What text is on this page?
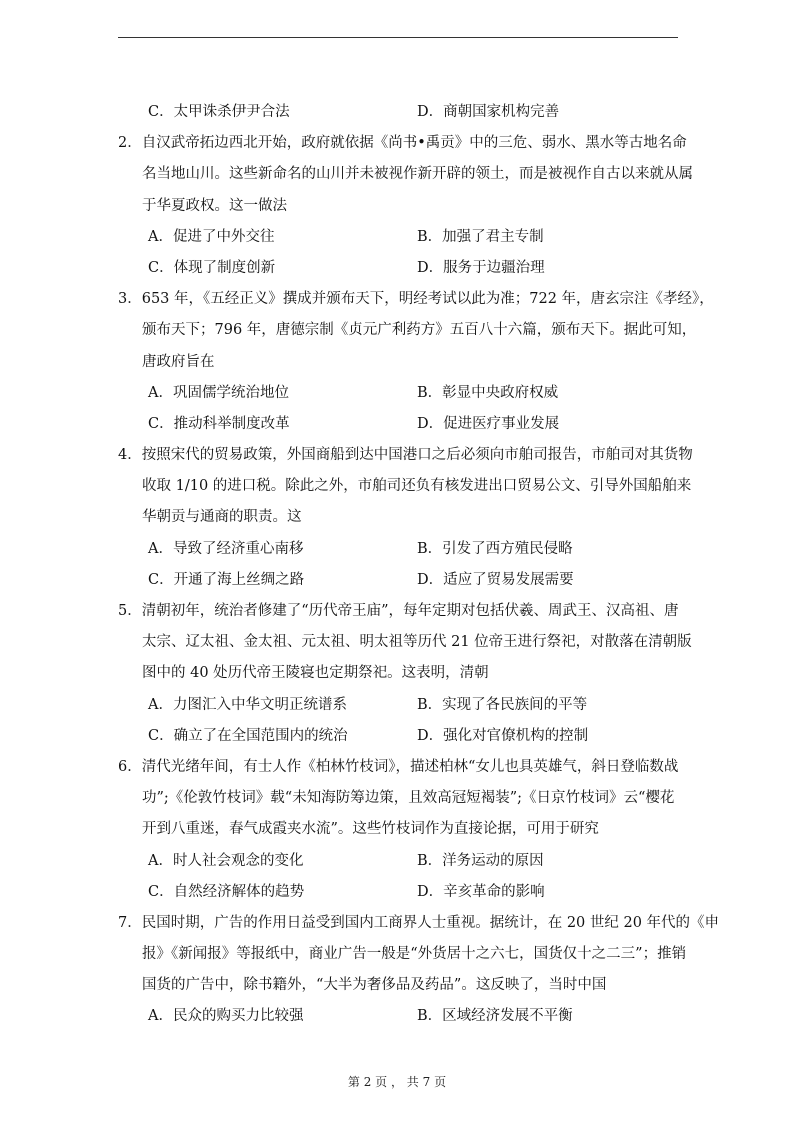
C．太甲诛杀伊尹合法	D．商朝国家机构完善
2．自汉武帝拓边西北开始，政府就依据《尚书•禹贡》中的三危、弱水、黑水等古地名命
名当地山川。这些新命名的山川并未被视作新开辟的领土，而是被视作自古以来就从属
于华夏政权。这一做法
A．促进了中外交往	B．加强了君主专制
C．体现了制度创新	D．服务于边疆治理
3．653 年，《五经正义》撰成并颁布天下，明经考试以此为准；722 年，唐玄宗注《孝经》，
颁布天下；796 年，唐德宗制《贞元广利药方》五百八十六篇，颁布天下。据此可知，
唐政府旨在
A．巩固儒学统治地位	B．彰显中央政府权威
C．推动科举制度改革	D．促进医疗事业发展
4．按照宋代的贸易政策，外国商船到达中国港口之后必须向市舶司报告，市舶司对其货物
收取 1/10 的进口税。除此之外，市舶司还负有核发进出口贸易公文、引导外国船舶来
华朝贡与通商的职责。这
A．导致了经济重心南移	B．引发了西方殖民侵略
C．开通了海上丝绸之路	D．适应了贸易发展需要
5．清朝初年，统治者修建了“历代帝王庙”，每年定期对包括伏羲、周武王、汉高祖、唐
太宗、辽太祖、金太祖、元太祖、明太祖等历代 21 位帝王进行祭祀，对散落在清朝版
图中的 40 处历代帝王陵寝也定期祭祀。这表明，清朝
A．力图汇入中华文明正统谱系	B．实现了各民族间的平等
C．确立了在全国范围内的统治	D．强化对官僚机构的控制
6．清代光绪年间，有士人作《柏林竹枝词》，描述柏林“女儿也具英雄气，斜日登临数战
功”;《伦敦竹枝词》载“未知海防筹边策，且效高冠短褐装”;《日京竹枝词》云“樱花
开到八重迷，春气成霞夹水流”。这些竹枝词作为直接论据，可用于研究
A．时人社会观念的变化	B．洋务运动的原因
C．自然经济解体的趋势	D．辛亥革命的影响
7．民国时期，广告的作用日益受到国内工商界人士重视。据统计，在 20 世纪 20 年代的《申
报》《新闻报》等报纸中，商业广告一般是“外货居十之六七，国货仅十之二三”；推销
国货的广告中，除书籍外，“大半为奢侈品及药品”。这反映了，当时中国
A．民众的购买力比较强	B．区域经济发展不平衡
第 2 页 ， 共 7 页
